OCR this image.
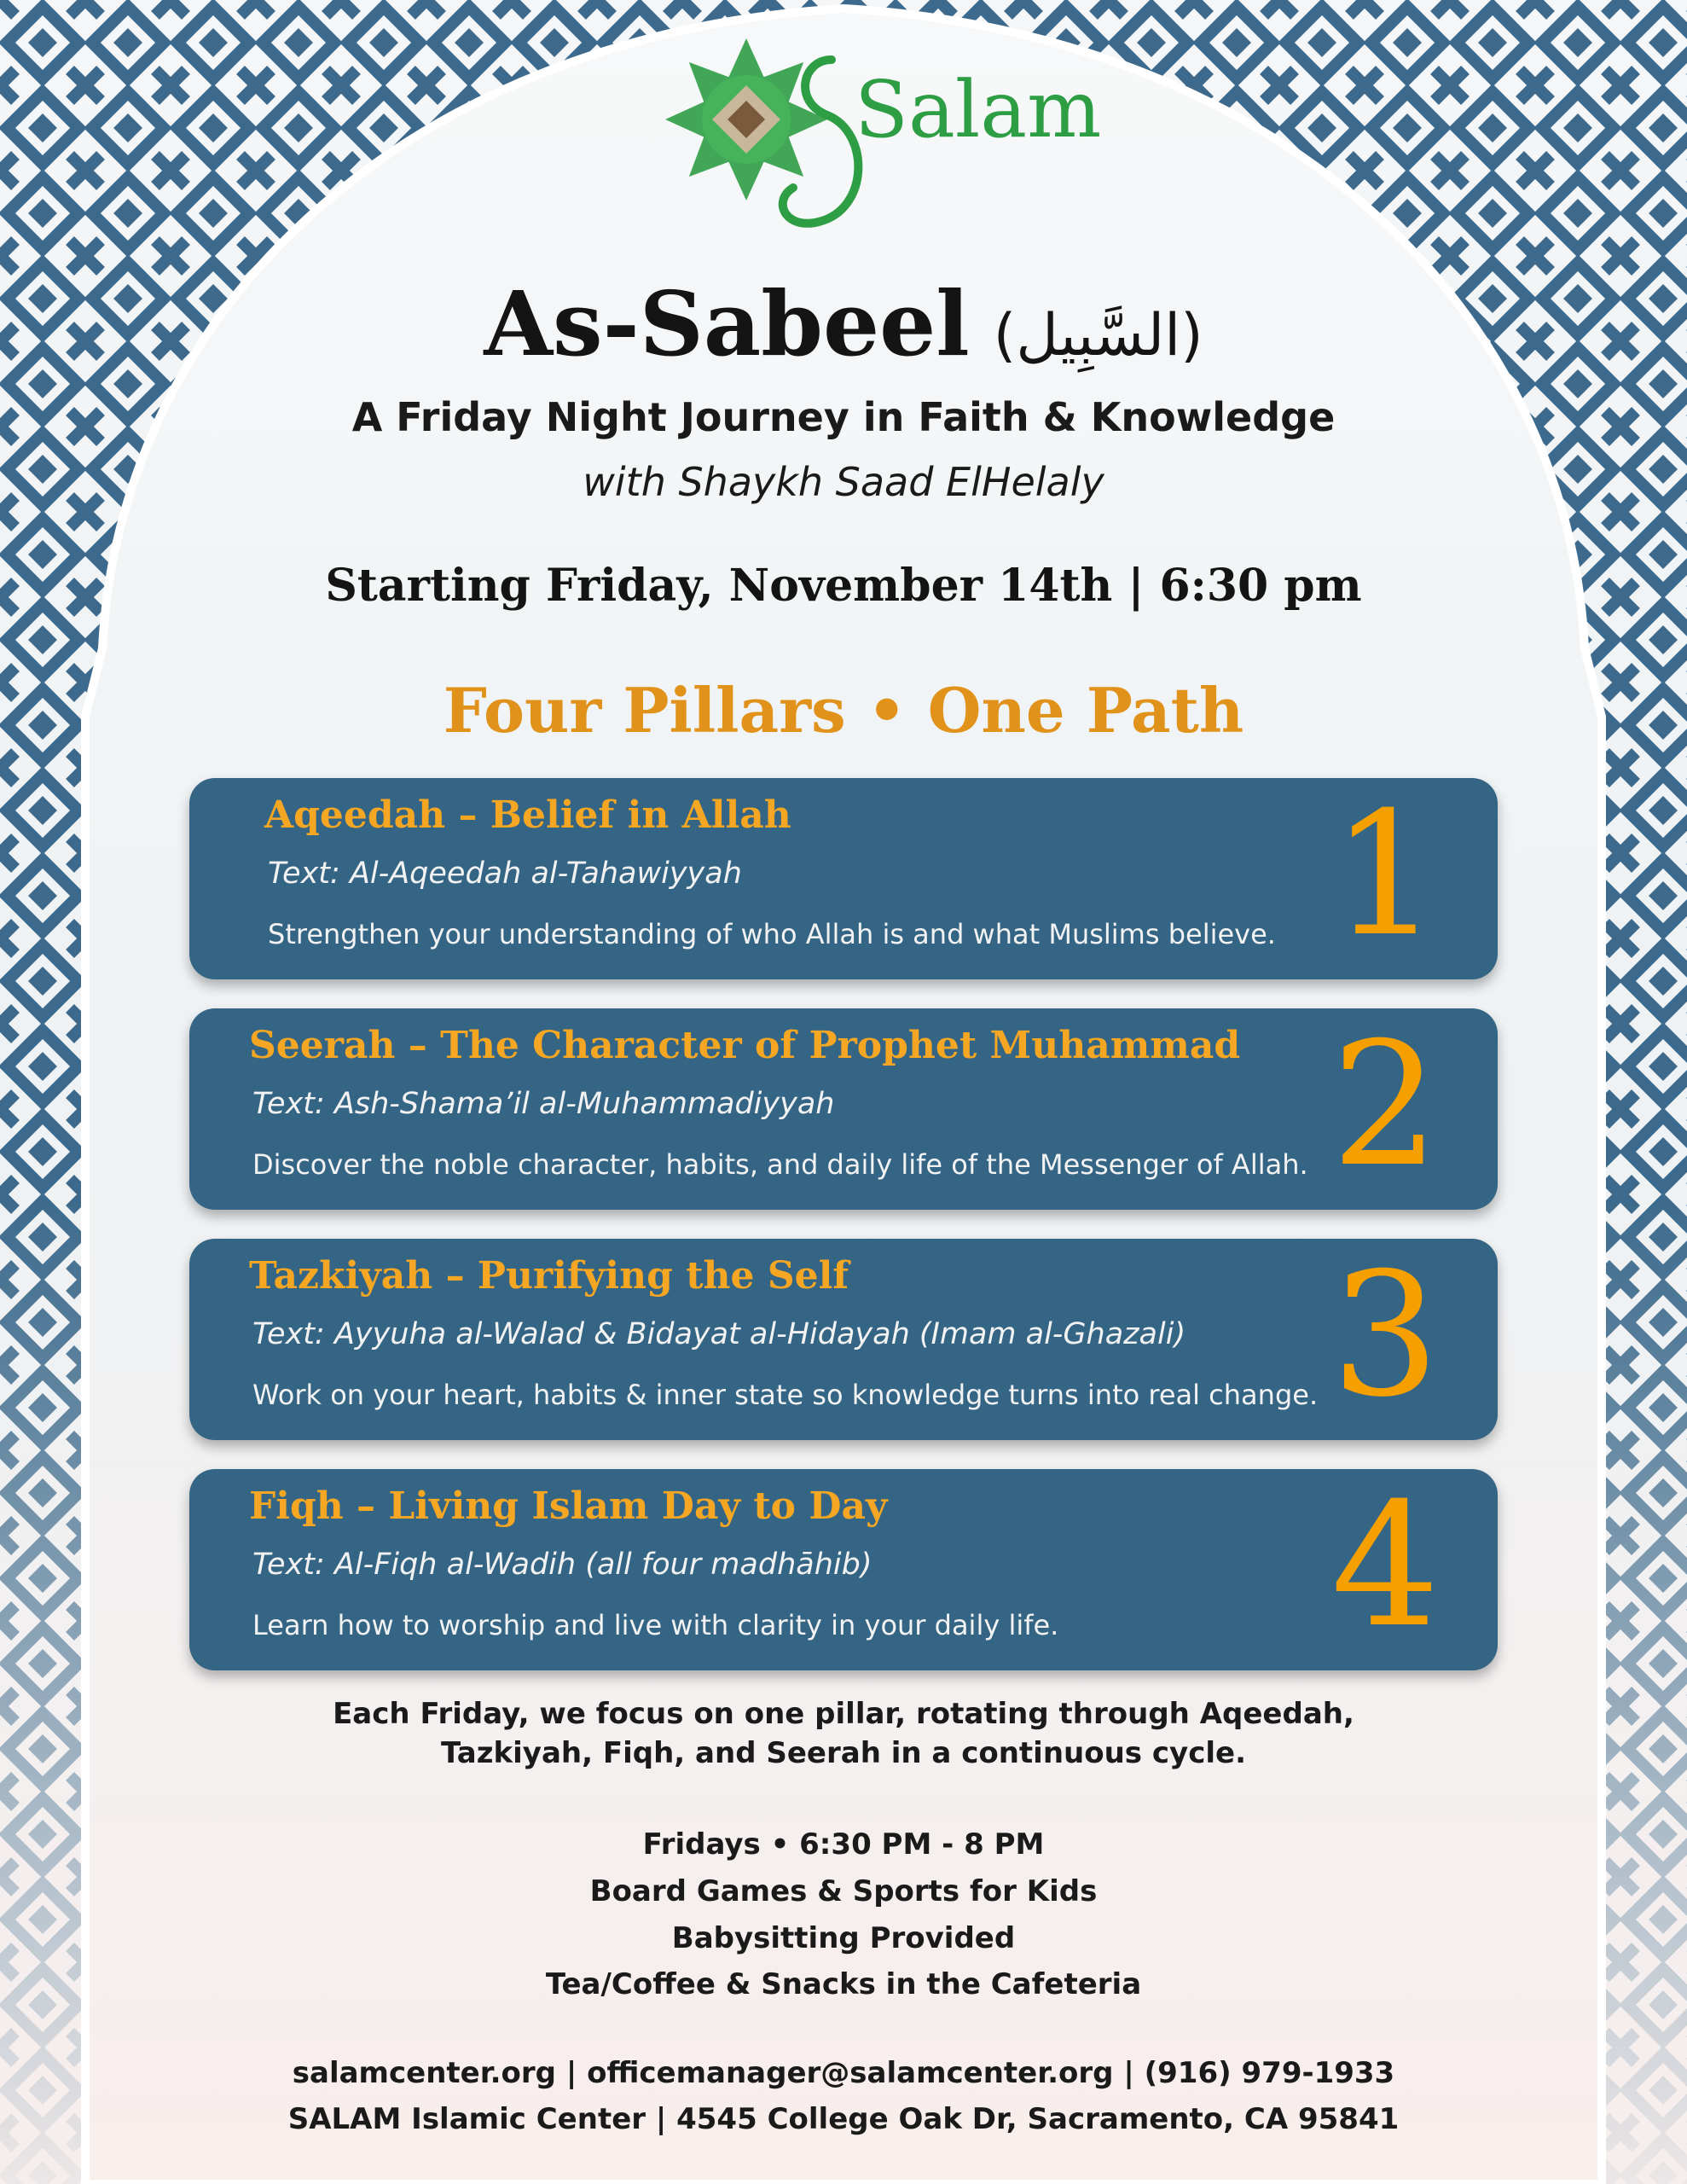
Salam
As-Sabeel (السَّبِيل)
A Friday Night Journey in Faith & Knowledge
with Shaykh Saad ElHelaly
Starting Friday, November 14th | 6:30 pm
Four Pillars • One Path
Aqeedah – Belief in Allah
Text: Al-Aqeedah al-Tahawiyyah
Strengthen your understanding of who Allah is and what Muslims believe. 1
Seerah – The Character of Prophet Muhammad
Text: Ash-Shama’il al-Muhammadiyyah
Discover the noble character, habits, and daily life of the Messenger of Allah. 2
Tazkiyah – Purifying the Self
Text: Ayyuha al-Walad & Bidayat al-Hidayah (Imam al-Ghazali)
Work on your heart, habits & inner state so knowledge turns into real change. 3
Fiqh – Living Islam Day to Day
Text: Al-Fiqh al-Wadih (all four madhāhib)
Learn how to worship and live with clarity in your daily life. 4
Each Friday, we focus on one pillar, rotating through Aqeedah,
Tazkiyah, Fiqh, and Seerah in a continuous cycle.
Fridays • 6:30 PM - 8 PM
Board Games & Sports for Kids
Babysitting Provided
Tea/Coffee & Snacks in the Cafeteria
salamcenter.org | officemanager@salamcenter.org | (916) 979-1933
SALAM Islamic Center | 4545 College Oak Dr, Sacramento, CA 95841
